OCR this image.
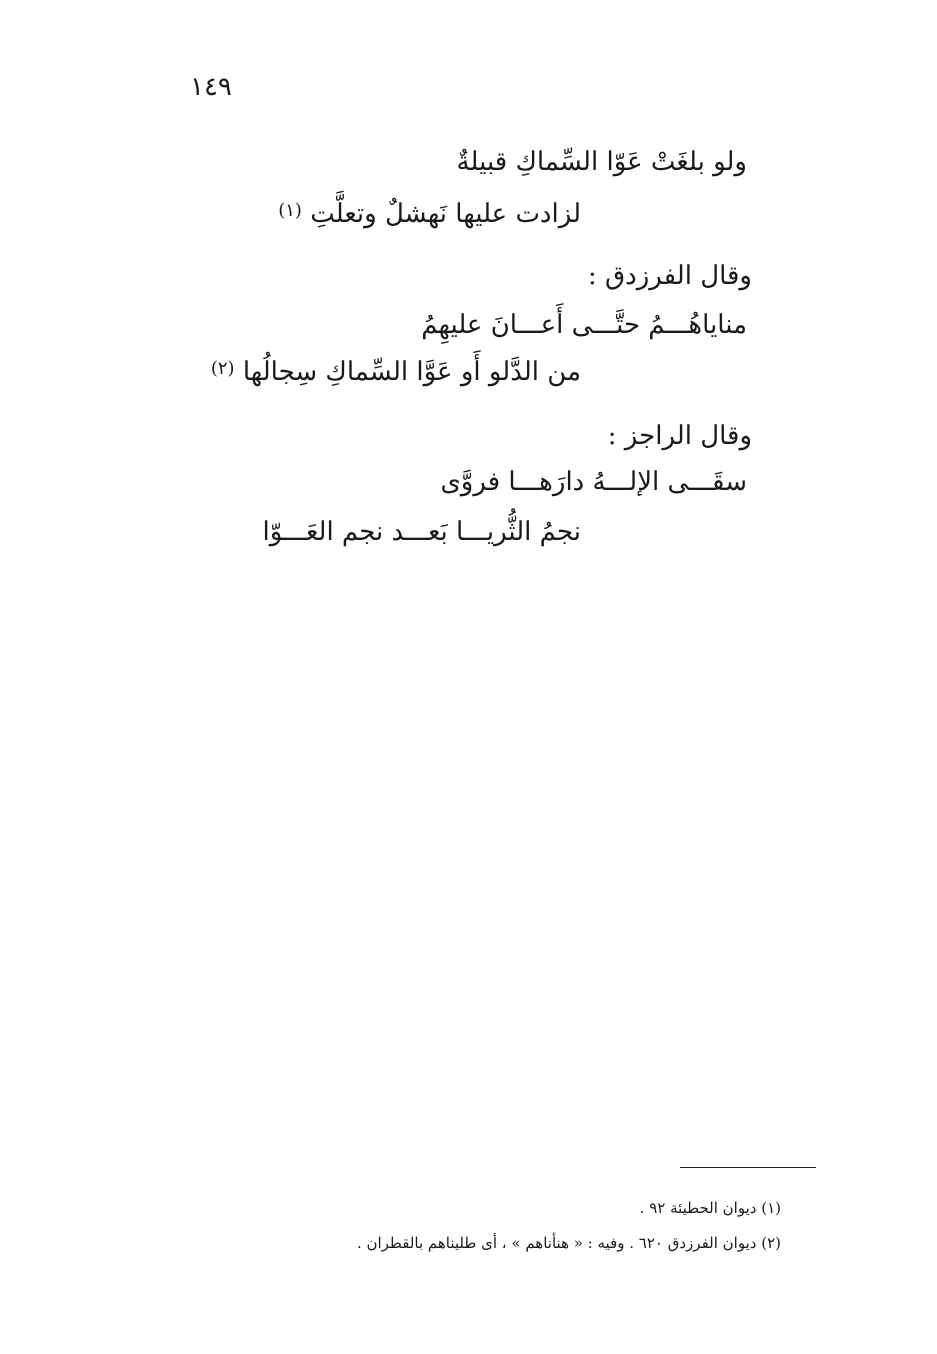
١٤٩
ولو بلغَتْ عَوّا السِّماكِ قبيلةٌ
لزادت عليها نَهشلٌ وتعلَّتِ $^{(١)}$
وقال الفرزدق :
مناياهُـــمُ حتَّـــى أَعـــانَ عليهِمُ
من الدَّلو أَو عَوَّا السِّماكِ سِجالُها $^{(٢)}$
وقال الراجز :
سقَـــى الإلـــهُ دارَهـــا فروَّى
نجمُ الثُّريـــا بَعـــد نجم العَـــوّا
(١) ديوان الحطيئة ٩٢ .
(٢) ديوان الفرزدق ٦٢٠ . وفيه : « هنأناهم » ، أى طليناهم بالقطران .
